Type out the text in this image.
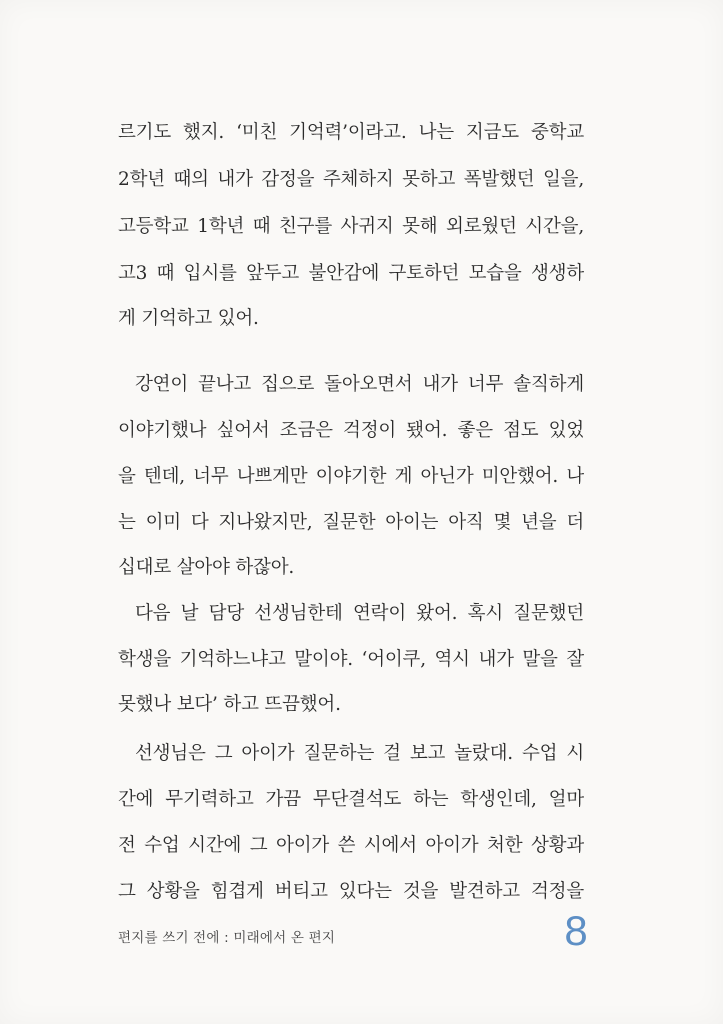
르기도 했지. ‘미친 기억력’이라고. 나는 지금도 중학교
2학년 때의 내가 감정을 주체하지 못하고 폭발했던 일을,
고등학교 1학년 때 친구를 사귀지 못해 외로웠던 시간을,
고3 때 입시를 앞두고 불안감에 구토하던 모습을 생생하
게 기억하고 있어.
강연이 끝나고 집으로 돌아오면서 내가 너무 솔직하게
이야기했나 싶어서 조금은 걱정이 됐어. 좋은 점도 있었
을 텐데, 너무 나쁘게만 이야기한 게 아닌가 미안했어. 나
는 이미 다 지나왔지만, 질문한 아이는 아직 몇 년을 더
십대로 살아야 하잖아.
다음 날 담당 선생님한테 연락이 왔어. 혹시 질문했던
학생을 기억하느냐고 말이야. ‘어이쿠, 역시 내가 말을 잘
못했나 보다’ 하고 뜨끔했어.
선생님은 그 아이가 질문하는 걸 보고 놀랐대. 수업 시
간에 무기력하고 가끔 무단결석도 하는 학생인데, 얼마
전 수업 시간에 그 아이가 쓴 시에서 아이가 처한 상황과
그 상황을 힘겹게 버티고 있다는 것을 발견하고 걱정을
편지를 쓰기 전에 : 미래에서 온 편지	8
